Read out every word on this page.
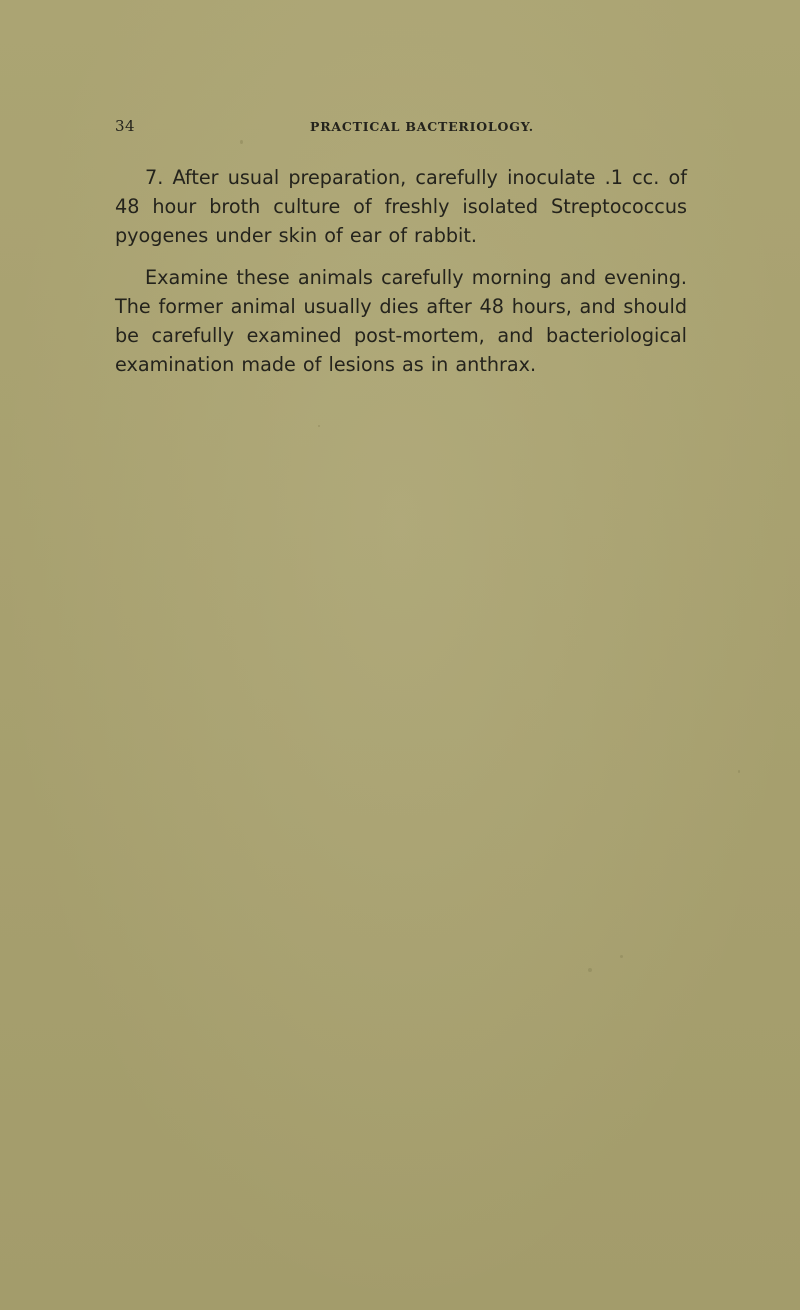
34	PRACTICAL BACTERIOLOGY.

7. After usual preparation, carefully inoculate .1 cc. of 48 hour broth culture of freshly isolated Streptococcus pyogenes under skin of ear of rabbit.

Examine these animals carefully morning and evening. The former animal usually dies after 48 hours, and should be carefully examined post-mortem, and bacteriological examination made of lesions as in anthrax.
